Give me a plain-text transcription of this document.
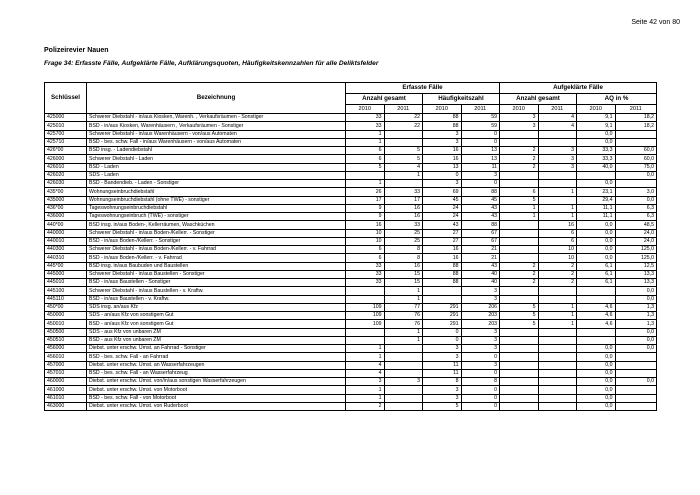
Seite 42 von 80
Polizeirevier Nauen
Frage 34: Erfasste Fälle, Aufgeklärte Fälle, Aufklärungsquoten, Häufigkeitskennzahlen für alle Deliktsfelder
Schlüssel	Bezeichnung	Erfasste Fälle				Aufgeklärte Fälle			
		Anzahl gesamt		Häufigkeitszahl		Anzahl gesamt		AQ in %	
		2010	2011	2010	2011	2010	2011	2010	2011
425000	Schwerer Diebstahl - in/aus Kiosken, Warenh. , Verkaufsräumen - Sonstiger	33	22	88	59	3	4	9,1	18,2
425010	BSD - in/aus Kiosken, Warenhäusern , Verkaufsräumen - Sonstiger	33	22	88	59	3	4	9,1	18,2
425700	Schwerer Diebstahl - in/aus Warenhäusern - von/aus Automaten	1		3	0			0,0	
425710	BSD - bes. schw. Fall - in/aus Warenhäusern - von/aus Automaten	1		3	0			0,0	
426*00	BSD insg. - Ladendiebstahl	6	5	16	13	2	3	33,3	60,0
426000	Schwerer Diebstahl - Laden	6	5	16	13	2	3	33,3	60,0
426010	BSD - Laden	5	4	13	11	2	3	40,0	75,0
426020	SDS - Laden		1	0	3				0,0
426030	BSD - Bandendieb. - Laden - Sonstiger	1		3	0			0,0	
435*00	Wohnungseinbruchdiebstahl	26	33	69	88	6	1	23,1	3,0
435000	Wohnungseinbruchdiebstahl (ohne TWE) - sonstiger	17	17	45	45	5		29,4	0,0
436*00	Tageswohnungseinbruchdiebstahl	9	16	24	43	1	1	11,1	6,3
436000	Tageswohnungseinbruch (TWE) - sonstiger	9	16	24	43	1	1	11,1	6,3
440*00	BSD insg. in/aus Boden-, Kellerräumen, Waschküchen	16	33	43	88		16	0,0	48,5
440000	Schwerer Diebstahl - in/aus Boden-/Kellerr. - Sonstiger	10	25	27	67		6	0,0	24,0
440010	BSD - in/aus Boden-/Kellerr. - Sonstiger	10	25	27	67		6	0,0	24,0
440300	Schwerer Diebstahl - in/aus Boden-/Kellerr. - v. Fahrrad	6	8	16	21		10	0,0	125,0
440310	BSD - in/aus Boden-/Kellerr. - v. Fahrrad	6	8	16	21		10	0,0	125,0
445*00	BSD insg. in/aus Baubuden und Baustellen	33	16	88	43	2	2	6,1	12,5
445000	Schwerer Diebstahl - in/aus Baustellen - Sonstiger	33	15	88	40	2	2	6,1	13,3
445010	BSD - in/aus Baustellen - Sonstiger	33	15	88	40	2	2	6,1	13,3
445100	Schwerer Diebstahl - in/aus Baustellen - v. Kraftw.		1		3				0,0
445110	BSD - in/aus Baustellen - v. Kraftw.		1		3				0,0
450*00	SDS insg. an/aus Kfz	109	77	291	206	5	1	4,6	1,3
450000	SDS - an/aus Kfz von sonstigem Gut	109	76	291	203	5	1	4,6	1,3
450010	BSD - an/aus Kfz von sonstigem Gut	109	76	291	203	5	1	4,6	1,3
450500	SDS - aus Kfz von unbaren ZM		1	0	3				0,0
450510	BSD - aus Kfz von unbaren ZM		1	0	3				0,0
456000	Diebst. unter erschw. Umst. an Fahrrad - Sonstiger	1		3	3			0,0	0,0
456010	BSD - bes. schw. Fall - an Fahrrad	1		3	0			0,0	
457000	Diebst. unter erschw. Umst. an Wasserfahrzeugen	4		11	3			0,0	
457010	BSD - bes. schw. Fall - an Wasserfahrzeug	4		11	0			0,0	
460000	Diebst. unter erschw. Umst. von/in/aus sonstigen Wasserfahrzeugen	3	3	8	8			0,0	0,0
461000	Diebst. unter erschw. Umst. von Motorboot	1		3	0			0,0	
461010	BSD - bes. schw. Fall - von Motorboot	1		3	0			0,0	
463000	Diebst. unter erschw. Umst. von Ruderboot	2		5	0			0,0	
